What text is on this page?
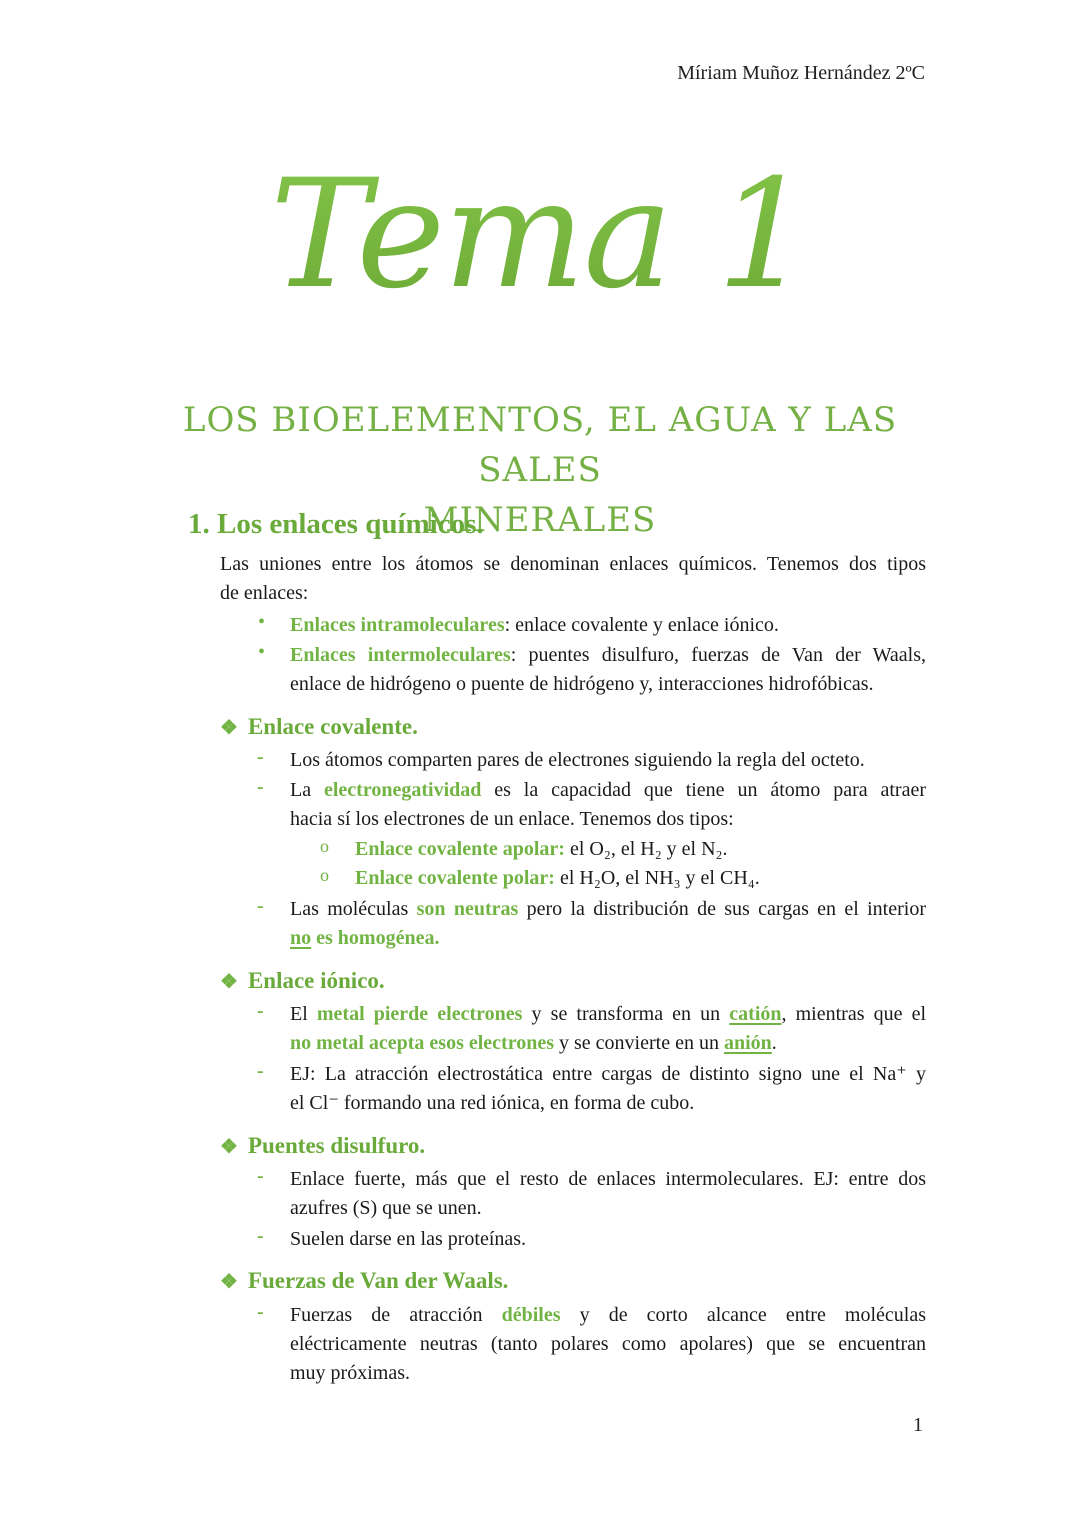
Míriam Muñoz Hernández 2ºC
Tema 1
LOS BIOELEMENTOS, EL AGUA Y LAS SALES
MINERALES
1. Los enlaces químicos.
Las uniones entre los átomos se denominan enlaces químicos. Tenemos dos tipos
de enlaces:
• Enlaces intramoleculares: enlace covalente y enlace iónico.
• Enlaces intermoleculares: puentes disulfuro, fuerzas de Van der Waals,
enlace de hidrógeno o puente de hidrógeno y, interacciones hidrofóbicas.
❖ Enlace covalente.
- Los átomos comparten pares de electrones siguiendo la regla del octeto.
- La electronegatividad es la capacidad que tiene un átomo para atraer
hacia sí los electrones de un enlace. Tenemos dos tipos:
o Enlace covalente apolar: el O₂, el H₂ y el N₂.
o Enlace covalente polar: el H₂O, el NH₃ y el CH₄.
- Las moléculas son neutras pero la distribución de sus cargas en el interior
no es homogénea.
❖ Enlace iónico.
- El metal pierde electrones y se transforma en un catión, mientras que el
no metal acepta esos electrones y se convierte en un anión.
- EJ: La atracción electrostática entre cargas de distinto signo une el Na⁺ y
el Cl⁻ formando una red iónica, en forma de cubo.
❖ Puentes disulfuro.
- Enlace fuerte, más que el resto de enlaces intermoleculares. EJ: entre dos
azufres (S) que se unen.
- Suelen darse en las proteínas.
❖ Fuerzas de Van der Waals.
- Fuerzas de atracción débiles y de corto alcance entre moléculas
eléctricamente neutras (tanto polares como apolares) que se encuentran
muy próximas.
1
